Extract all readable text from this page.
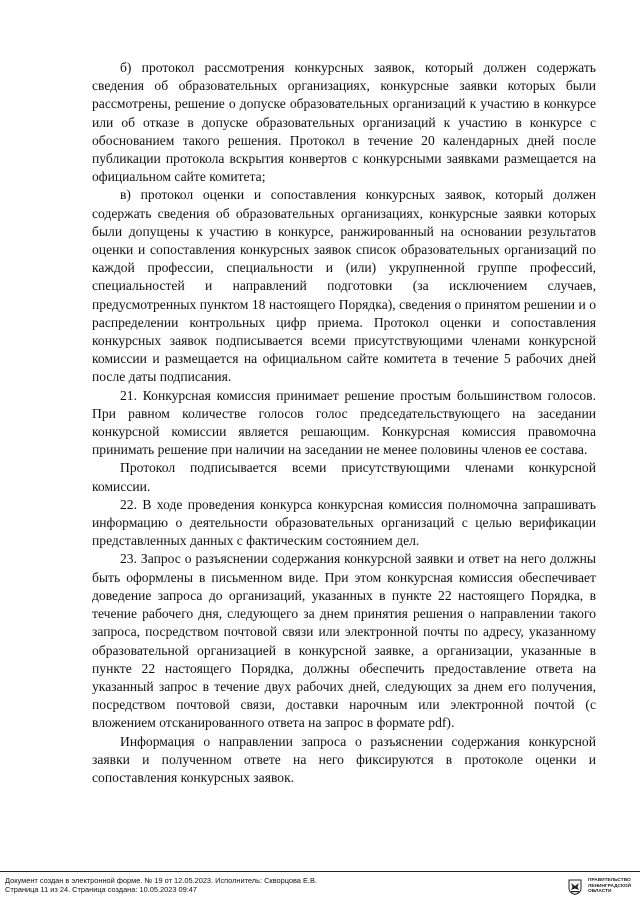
б) протокол рассмотрения конкурсных заявок, который должен содержать сведения об образовательных организациях, конкурсные заявки которых были рассмотрены, решение о допуске образовательных организаций к участию в конкурсе или об отказе в допуске образовательных организаций к участию в конкурсе с обоснованием такого решения. Протокол в течение 20 календарных дней после публикации протокола вскрытия конвертов с конкурсными заявками размещается на официальном сайте комитета;

в) протокол оценки и сопоставления конкурсных заявок, который должен содержать сведения об образовательных организациях, конкурсные заявки которых были допущены к участию в конкурсе, ранжированный на основании результатов оценки и сопоставления конкурсных заявок список образовательных организаций по каждой профессии, специальности и (или) укрупненной группе профессий, специальностей и направлений подготовки (за исключением случаев, предусмотренных пунктом 18 настоящего Порядка), сведения о принятом решении и о распределении контрольных цифр приема. Протокол оценки и сопоставления конкурсных заявок подписывается всеми присутствующими членами конкурсной комиссии и размещается на официальном сайте комитета в течение 5 рабочих дней после даты подписания.

21. Конкурсная комиссия принимает решение простым большинством голосов. При равном количестве голосов голос председательствующего на заседании конкурсной комиссии является решающим. Конкурсная комиссия правомочна принимать решение при наличии на заседании не менее половины членов ее состава.

Протокол подписывается всеми присутствующими членами конкурсной комиссии.

22. В ходе проведения конкурса конкурсная комиссия полномочна запрашивать информацию о деятельности образовательных организаций с целью верификации представленных данных с фактическим состоянием дел.

23. Запрос о разъяснении содержания конкурсной заявки и ответ на него должны быть оформлены в письменном виде. При этом конкурсная комиссия обеспечивает доведение запроса до организаций, указанных в пункте 22 настоящего Порядка, в течение рабочего дня, следующего за днем принятия решения о направлении такого запроса, посредством почтовой связи или электронной почты по адресу, указанному образовательной организацией в конкурсной заявке, а организации, указанные в пункте 22 настоящего Порядка, должны обеспечить предоставление ответа на указанный запрос в течение двух рабочих дней, следующих за днем его получения, посредством почтовой связи, доставки нарочным или электронной почтой (с вложением отсканированного ответа на запрос в формате pdf).

Информация о направлении запроса о разъяснении содержания конкурсной заявки и полученном ответе на него фиксируются в протоколе оценки и сопоставления конкурсных заявок.

Документ создан в электронной форме. № 19 от 12.05.2023. Исполнитель: Скворцова Е.В.
Страница 11 из 24. Страница создана: 10.05.2023 09:47
ПРАВИТЕЛЬСТВО
ЛЕНИНГРАДСКОЙ
ОБЛАСТИ
